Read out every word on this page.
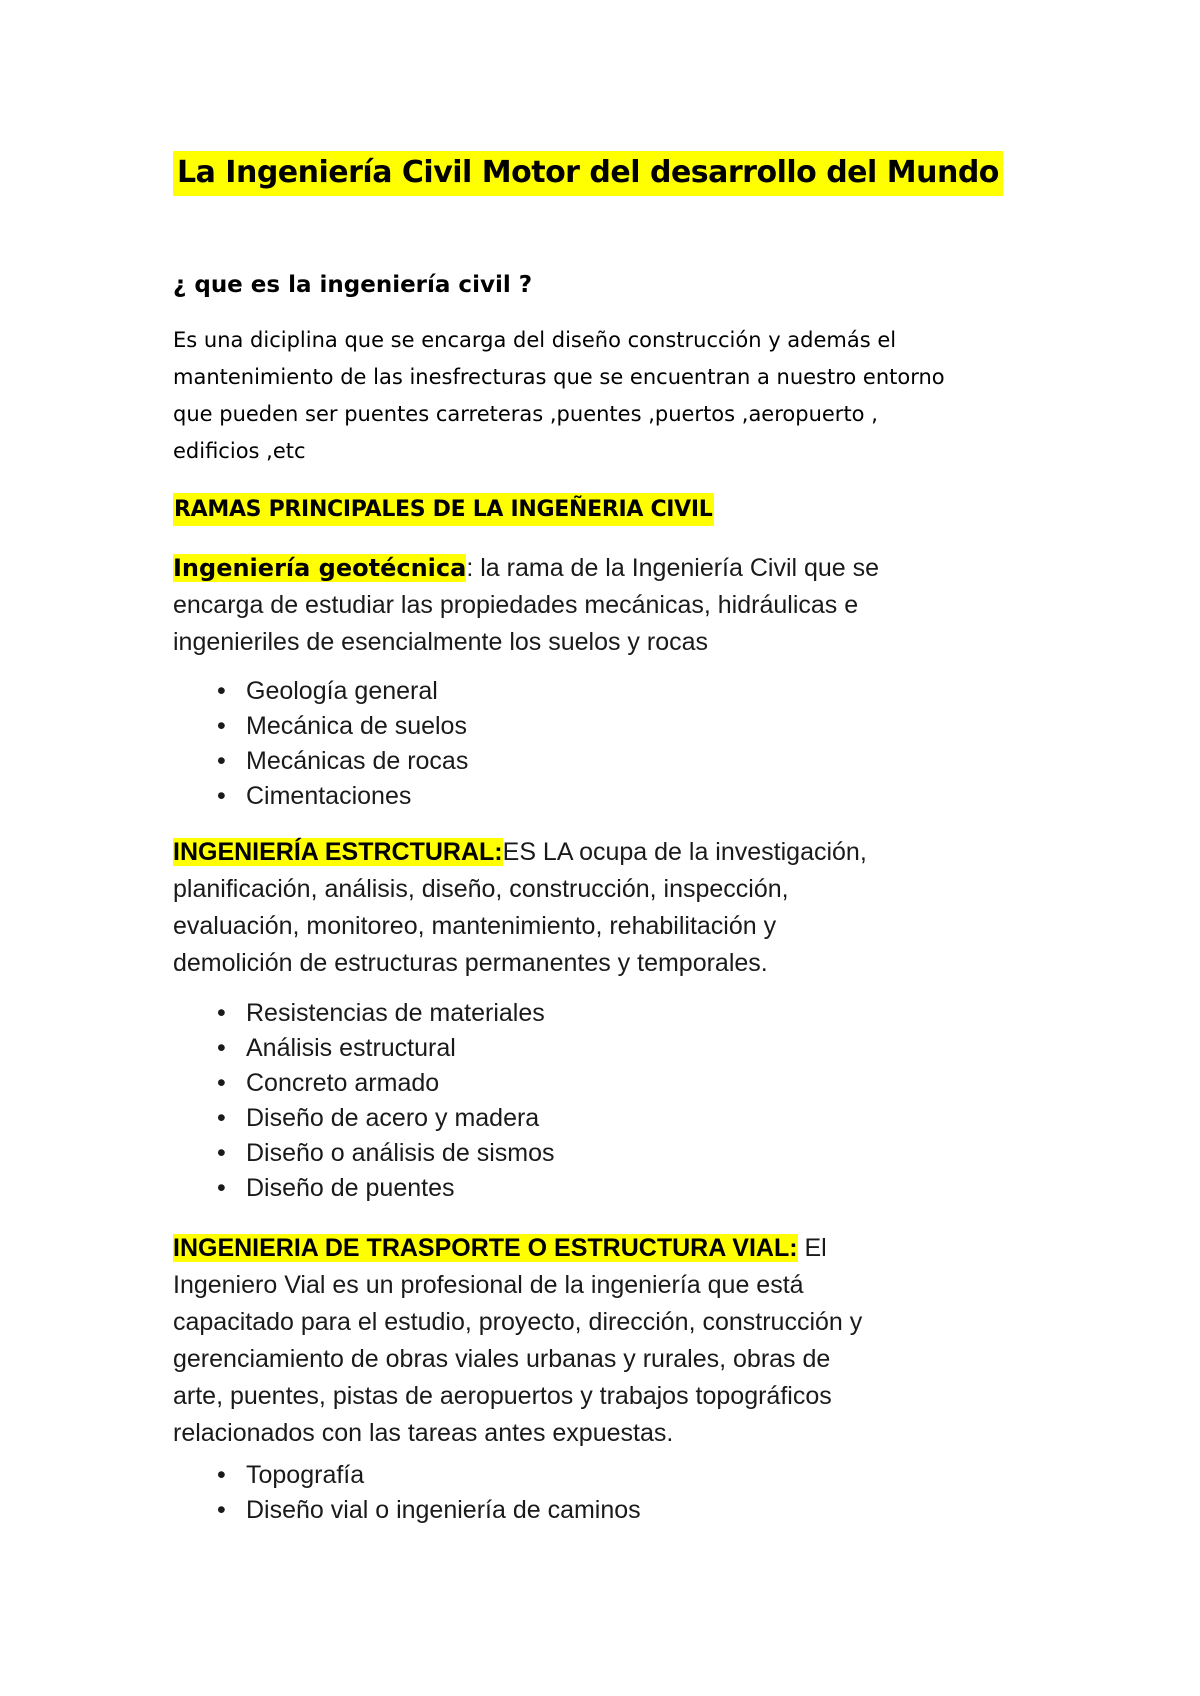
La Ingeniería Civil Motor del desarrollo del Mundo
¿ que es la ingeniería civil ?

Es una diciplina que se encarga del diseño construcción y además el
mantenimiento de las inesfrecturas que se encuentran a nuestro entorno
que pueden ser puentes carreteras ,puentes ,puertos ,aeropuerto ,
edificios ,etc

RAMAS PRINCIPALES DE LA INGEÑERIA CIVIL
Ingeniería geotécnica: la rama de la Ingeniería Civil que se
encarga de estudiar las propiedades mecánicas, hidráulicas e
ingenieriles de esencialmente los suelos y rocas
• Geología general
• Mecánica de suelos
• Mecánicas de rocas
• Cimentaciones
INGENIERÍA ESTRCTURAL:ES LA ocupa de la investigación,
planificación, análisis, diseño, construcción, inspección,
evaluación, monitoreo, mantenimiento, rehabilitación y
demolición de estructuras permanentes y temporales.
• Resistencias de materiales
• Análisis estructural
• Concreto armado
• Diseño de acero y madera
• Diseño o análisis de sismos
• Diseño de puentes
INGENIERIA DE TRASPORTE O ESTRUCTURA VIAL: El
Ingeniero Vial es un profesional de la ingeniería que está
capacitado para el estudio, proyecto, dirección, construcción y
gerenciamiento de obras viales urbanas y rurales, obras de
arte, puentes, pistas de aeropuertos y trabajos topográficos
relacionados con las tareas antes expuestas.
• Topografía
• Diseño vial o ingeniería de caminos
